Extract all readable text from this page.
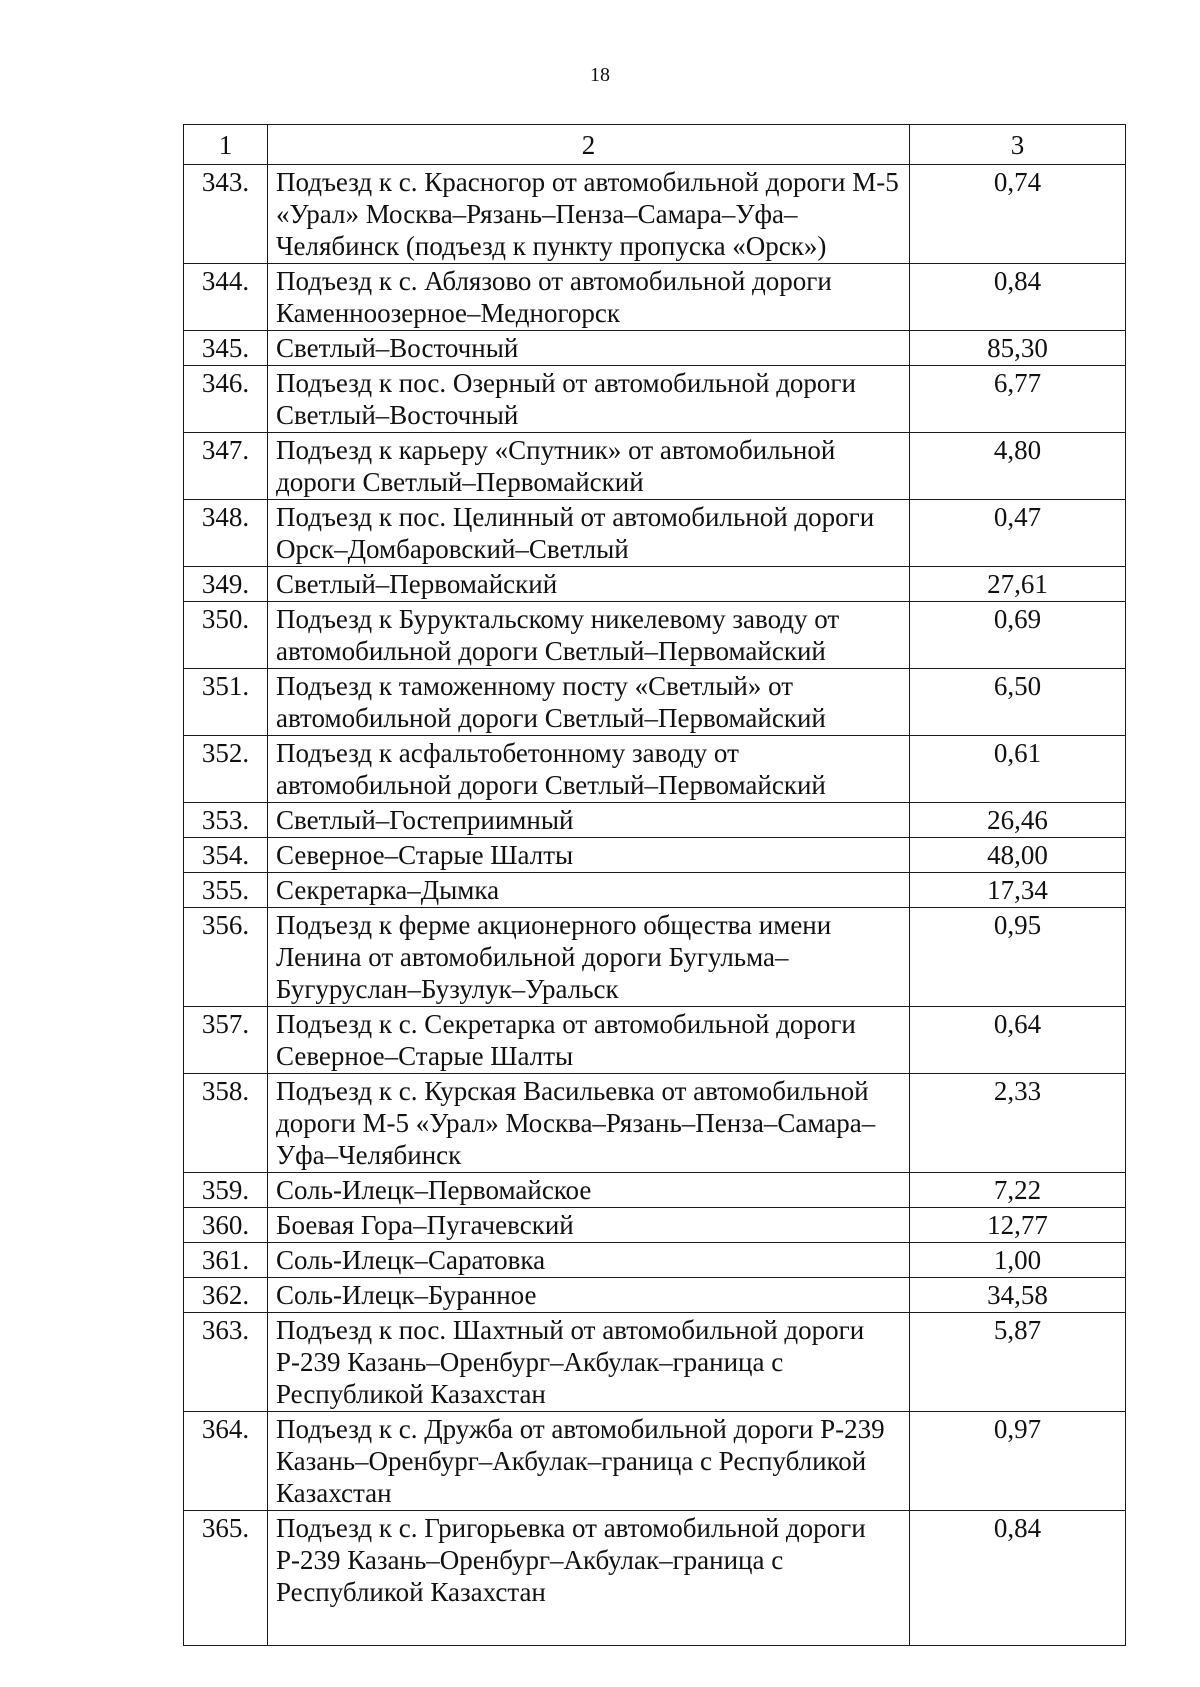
18
1	2	3
343.	Подъезд к с. Красногор от автомобильной дороги М-5 «Урал» Москва–Рязань–Пенза–Самара–Уфа–Челябинск (подъезд к пункту пропуска «Орск»)	0,74
344.	Подъезд к с. Аблязово от автомобильной дороги Каменноозерное–Медногорск	0,84
345.	Светлый–Восточный	85,30
346.	Подъезд к пос. Озерный от автомобильной дороги Светлый–Восточный	6,77
347.	Подъезд к карьеру «Спутник» от автомобильной дороги Светлый–Первомайский	4,80
348.	Подъезд к пос. Целинный от автомобильной дороги Орск–Домбаровский–Светлый	0,47
349.	Светлый–Первомайский	27,61
350.	Подъезд к Буруктальскому никелевому заводу от автомобильной дороги Светлый–Первомайский	0,69
351.	Подъезд к таможенному посту «Светлый» от автомобильной дороги Светлый–Первомайский	6,50
352.	Подъезд к асфальтобетонному заводу от автомобильной дороги Светлый–Первомайский	0,61
353.	Светлый–Гостеприимный	26,46
354.	Северное–Старые Шалты	48,00
355.	Секретарка–Дымка	17,34
356.	Подъезд к ферме акционерного общества имени Ленина от автомобильной дороги Бугульма–Бугуруслан–Бузулук–Уральск	0,95
357.	Подъезд к с. Секретарка от автомобильной дороги Северное–Старые Шалты	0,64
358.	Подъезд к с. Курская Васильевка от автомобильной дороги М-5 «Урал» Москва–Рязань–Пенза–Самара–Уфа–Челябинск	2,33
359.	Соль-Илецк–Первомайское	7,22
360.	Боевая Гора–Пугачевский	12,77
361.	Соль-Илецк–Саратовка	1,00
362.	Соль-Илецк–Буранное	34,58
363.	Подъезд к пос. Шахтный от автомобильной дороги Р-239 Казань–Оренбург–Акбулак–граница с Республикой Казахстан	5,87
364.	Подъезд к с. Дружба от автомобильной дороги Р-239 Казань–Оренбург–Акбулак–граница с Республикой Казахстан	0,97
365.	Подъезд к с. Григорьевка от автомобильной дороги Р-239 Казань–Оренбург–Акбулак–граница с Республикой Казахстан	0,84
